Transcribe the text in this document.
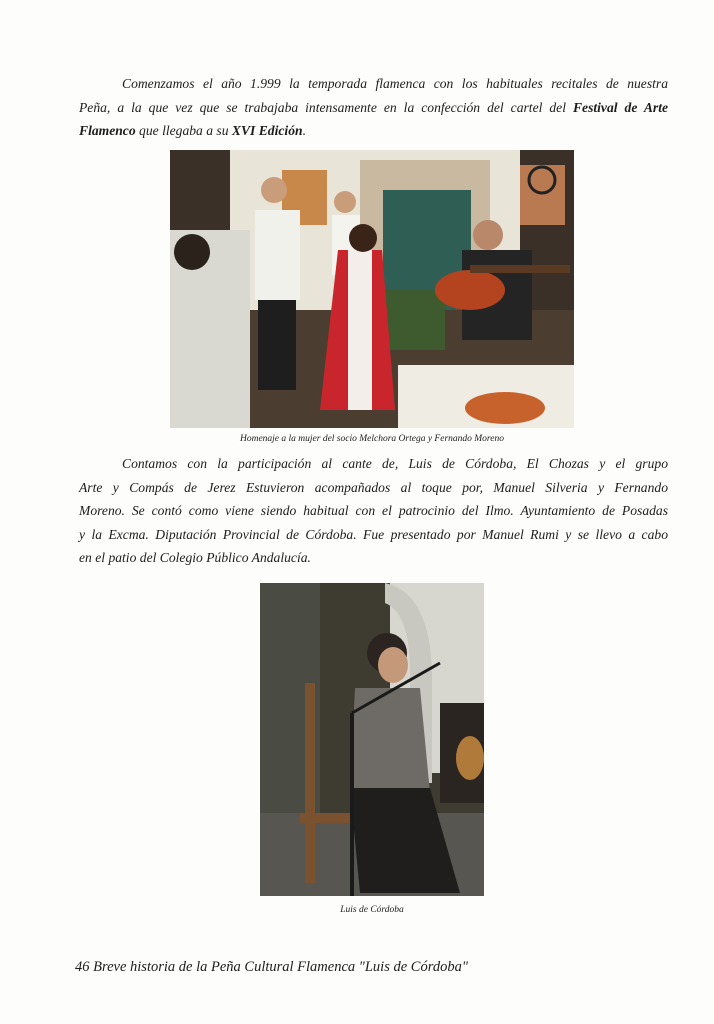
Comenzamos el año 1.999 la temporada flamenca con los habituales recitales de nuestra
Peña, a la que vez que se trabajaba intensamente en la confección del cartel del Festival de Arte
Flamenco que llegaba a su XVI Edición.
Homenaje a la mujer del socio Melchora Ortega y Fernando Moreno
Contamos con la participación al cante de, Luis de Córdoba, El Chozas y el grupo
Arte y Compás de Jerez Estuvieron acompañados al toque por, Manuel Silveria y Fernando
Moreno. Se contó como viene siendo habitual con el patrocinio del Ilmo. Ayuntamiento de Posadas
y la Excma. Diputación Provincial de Córdoba. Fue presentado por Manuel Rumi y se llevo a cabo
en el patio del Colegio Público Andalucía.
Luis de Córdoba
46 Breve historia de la Peña Cultural Flamenca "Luis de Córdoba"
